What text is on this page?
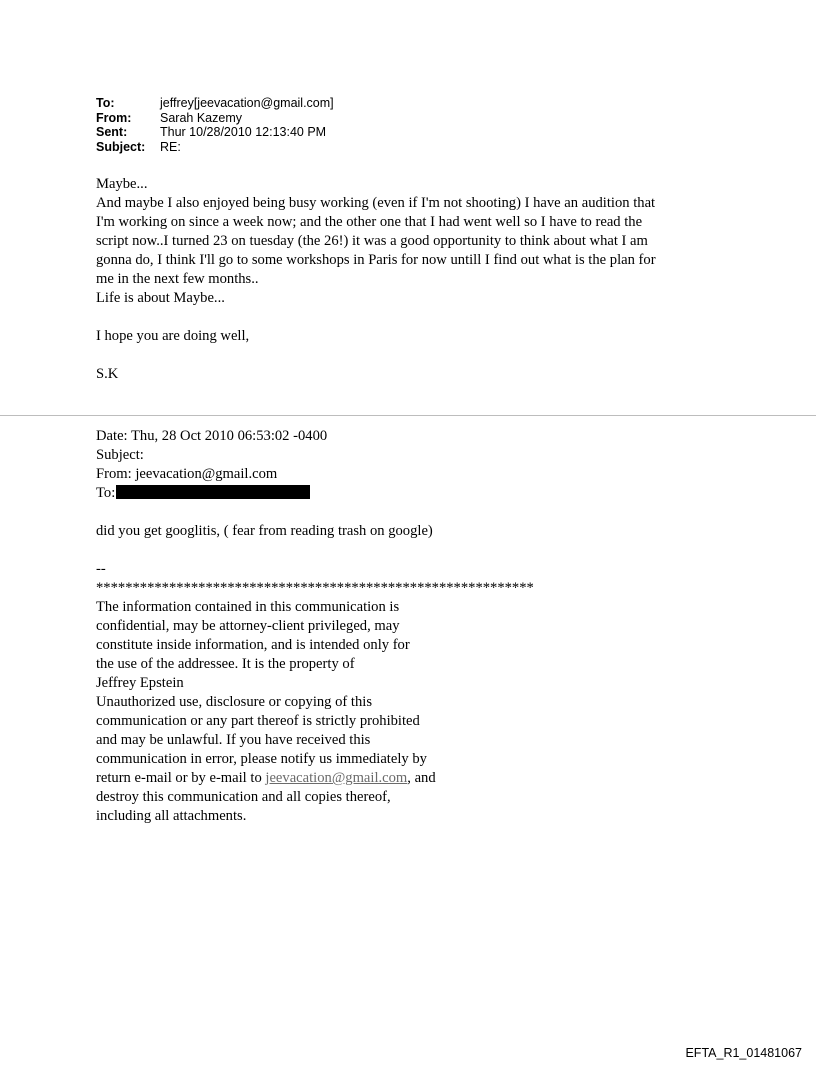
To:	jeffrey[jeevacation@gmail.com]
From:	Sarah Kazemy
Sent:	Thur 10/28/2010 12:13:40 PM
Subject:	RE:

Maybe...

And maybe I also enjoyed being busy working (even if I'm not shooting) I have an audition that

I'm working on since a week now; and the other one that I had went well so I have to read the

script now..I turned 23 on tuesday (the 26!) it was a good opportunity to think about what I am

gonna do, I think I'll go to some workshops in Paris for now untill I find out what is the plan for

me in the next few months..

Life is about Maybe...

I hope you are doing well,

S.K

Date: Thu, 28 Oct 2010 06:53:02 -0400

Subject:

From: jeevacation@gmail.com

To:

did you get googlitis, ( fear from reading trash on google)

--

************************************************************

The information contained in this communication is

confidential, may be attorney-client privileged, may

constitute inside information, and is intended only for

the use of the addressee. It is the property of

Jeffrey Epstein

Unauthorized use, disclosure or copying of this

communication or any part thereof is strictly prohibited

and may be unlawful. If you have received this

communication in error, please notify us immediately by

return e-mail or by e-mail to jeevacation@gmail.com, and

destroy this communication and all copies thereof,

including all attachments.

EFTA_R1_01481067
